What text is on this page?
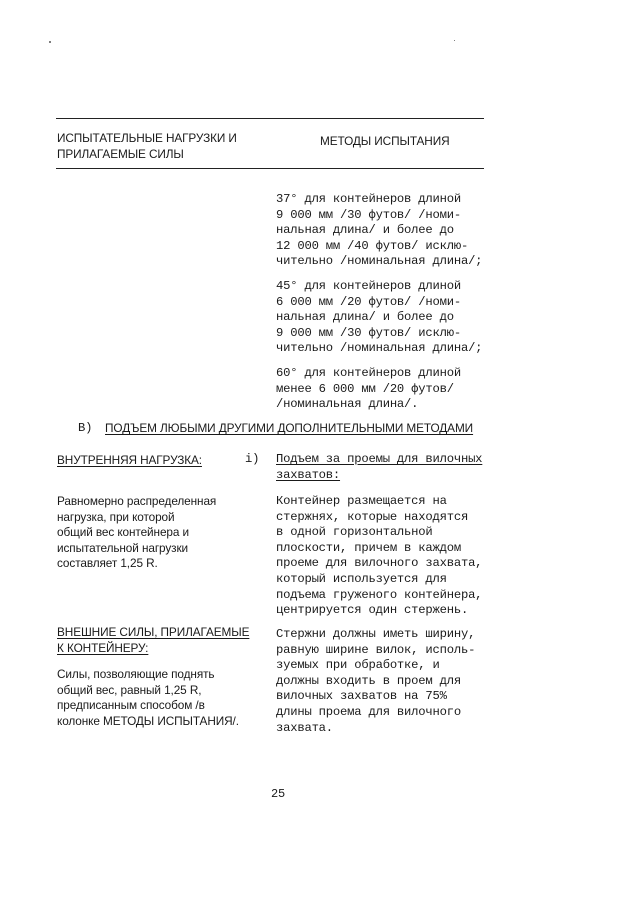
ИСПЫТАТЕЛЬНЫЕ НАГРУЗКИ И
ПРИЛАГАЕМЫЕ СИЛЫ
МЕТОДЫ ИСПЫТАНИЯ
37° для контейнеров длиной
9 000 мм /30 футов/ /номи-
нальная длина/ и более до
12 000 мм /40 футов/ исклю-
чительно /номинальная длина/;
45° для контейнеров длиной
6 000 мм /20 футов/ /номи-
нальная длина/ и более до
9 000 мм /30 футов/ исклю-
чительно /номинальная длина/;
60° для контейнеров длиной
менее 6 000 мм /20 футов/
/номинальная длина/.
B) ПОДЪЕМ ЛЮБЫМИ ДРУГИМИ ДОПОЛНИТЕЛЬНЫМИ МЕТОДАМИ
ВНУТРЕННЯЯ НАГРУЗКА:
Равномерно распределенная
нагрузка, при которой
общий вес контейнера и
испытательной нагрузки
составляет 1,25 R.
i) Подъем за проемы для вилочных
захватов:
Контейнер размещается на
стержнях, которые находятся
в одной горизонтальной
плоскости, причем в каждом
проеме для вилочного захвата,
который используется для
подъема груженого контейнера,
центрируется один стержень.
Стержни должны иметь ширину,
равную ширине вилок, исполь-
зуемых при обработке, и
должны входить в проем для
вилочных захватов на 75%
длины проема для вилочного
захвата.
ВНЕШНИЕ СИЛЫ, ПРИЛАГАЕМЫЕ
К КОНТЕЙНЕРУ:
Силы, позволяющие поднять
общий вес, равный 1,25 R,
предписанным способом /в
колонке МЕТОДЫ ИСПЫТАНИЯ/.
25
